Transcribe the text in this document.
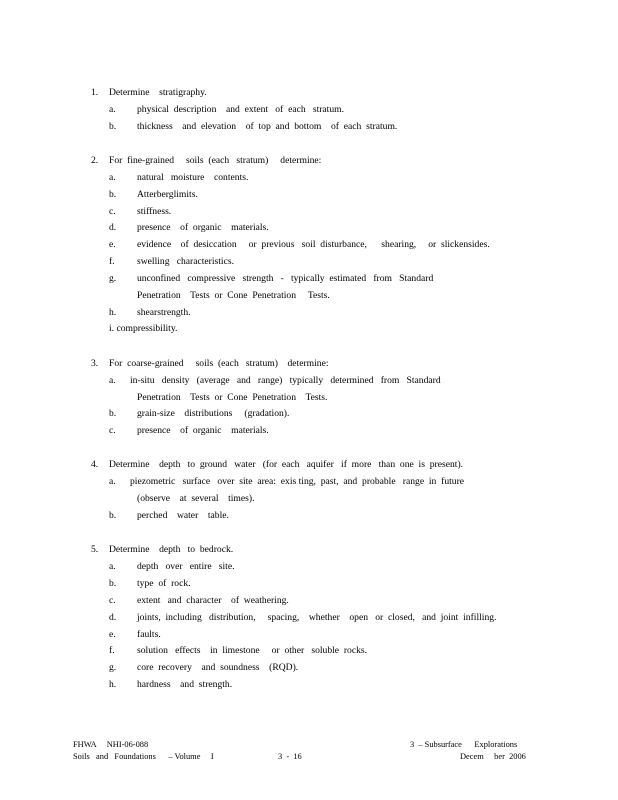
1. Determine    stratigraphy.
a. physical  description    and  extent   of  each   stratum.
b. thickness    and  elevation    of  top  and  bottom    of  each  stratum.
2. For  fine-grained     soils  (each   stratum)     determine:
a. natural   moisture    contents.
b. Atterberglimits.
c. stiffness.
d. presence    of  organic    materials.
e. evidence    of  desiccation     or  previous   soil  disturbance,      shearing,     or  slickensides.
f. swelling   characteristics.
g. unconfined   compressive   strength   -   typically  estimated   from   Standard
Penetration    Tests  or  Cone  Penetration     Tests.
h. shearstrength.
i. compressibility.
3. For  coarse-grained     soils  (each   stratum)    determine:
a. in-situ   density   (average   and   range)   typically   determined   from   Standard
Penetration    Tests  or  Cone  Penetration    Tests.
b. grain-size    distributions     (gradation).
c. presence    of  organic    materials.
4. Determine    depth   to  ground   water   (for  each   aquifer   if  more   than  one  is  present).
a. piezometric   surface   over  site  area:  exis ting,  past,  and  probable   range  in  future
(observe    at  several    times).
b. perched    water    table.
5. Determine    depth   to  bedrock.
a. depth   over   entire   site.
b. type  of  rock.
c. extent   and  character    of  weathering.
d. joints,  including   distribution,     spacing,    whether    open   or  closed,   and  joint  infilling.
e. faults.
f. solution   effects    in  limestone     or  other   soluble  rocks.
g. core  recovery    and  soundness    (RQD).
h. hardness    and  strength.
FHWA     NHI-06-088
Soils   and   Foundations      – Volume     I	3  -  16
3  – Subsurface      Explorations
Decem     ber  2006
